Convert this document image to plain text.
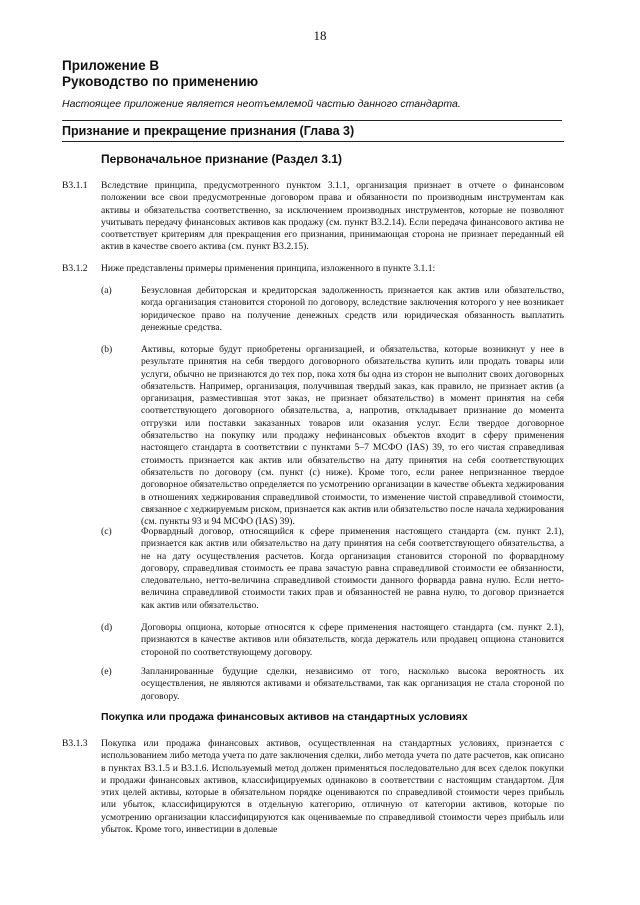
18
Приложение В
Руководство по применению
Настоящее приложение является неотъемлемой частью данного стандарта.
Признание и прекращение признания (Глава 3)
Первоначальное признание (Раздел 3.1)
В3.1.1 Вследствие принципа, предусмотренного пунктом 3.1.1, организация признает в отчете о финансовом положении все свои предусмотренные договором права и обязанности по производным инструментам как активы и обязательства соответственно, за исключением производных инструментов, которые не позволяют учитывать передачу финансовых активов как продажу (см. пункт В3.2.14). Если передача финансового актива не соответствует критериям для прекращения его признания, принимающая сторона не признает переданный ей актив в качестве своего актива (см. пункт В3.2.15).
В3.1.2 Ниже представлены примеры применения принципа, изложенного в пункте 3.1.1:
(а)	Безусловная дебиторская и кредиторская задолженность признается как актив или обязательство, когда организация становится стороной по договору, вследствие заключения которого у нее возникает юридическое право на получение денежных средств или юридическая обязанность выплатить денежные средства.
(b)	Активы, которые будут приобретены организацией, и обязательства, которые возникнут у нее в результате принятия на себя твердого договорного обязательства купить или продать товары или услуги, обычно не признаются до тех пор, пока хотя бы одна из сторон не выполнит своих договорных обязательств. Например, организация, получившая твердый заказ, как правило, не признает актив (а организация, разместившая этот заказ, не признает обязательство) в момент принятия на себя соответствующего договорного обязательства, а, напротив, откладывает признание до момента отгрузки или поставки заказанных товаров или оказания услуг. Если твердое договорное обязательство на покупку или продажу нефинансовых объектов входит в сферу применения настоящего стандарта в соответствии с пунктами 5–7 МСФО (IAS) 39, то его чистая справедливая стоимость признается как актив или обязательство на дату принятия на себя соответствующих обязательств по договору (см. пункт (с) ниже). Кроме того, если ранее непризнанное твердое договорное обязательство определяется по усмотрению организации в качестве объекта хеджирования в отношениях хеджирования справедливой стоимости, то изменение чистой справедливой стоимости, связанное с хеджируемым риском, признается как актив или обязательство после начала хеджирования (см. пункты 93 и 94 МСФО (IAS) 39).
(с)	Форвардный договор, относящийся к сфере применения настоящего стандарта (см. пункт 2.1), признается как актив или обязательство на дату принятия на себя соответствующего обязательства, а не на дату осуществления расчетов. Когда организация становится стороной по форвардному договору, справедливая стоимость ее права зачастую равна справедливой стоимости ее обязанности, следовательно, нетто-величина справедливой стоимости данного форварда равна нулю. Если нетто-величина справедливой стоимости таких прав и обязанностей не равна нулю, то договор признается как актив или обязательство.
(d)	Договоры опциона, которые относятся к сфере применения настоящего стандарта (см. пункт 2.1), признаются в качестве активов или обязательств, когда держатель или продавец опциона становится стороной по соответствующему договору.
(е)	Запланированные будущие сделки, независимо от того, насколько высока вероятность их осуществления, не являются активами и обязательствами, так как организация не стала стороной по договору.
Покупка или продажа финансовых активов на стандартных условиях
В3.1.3 Покупка или продажа финансовых активов, осуществленная на стандартных условиях, признается с использованием либо метода учета по дате заключения сделки, либо метода учета по дате расчетов, как описано в пунктах В3.1.5 и В3.1.6. Используемый метод должен применяться последовательно для всех сделок покупки и продажи финансовых активов, классифицируемых одинаково в соответствии с настоящим стандартом. Для этих целей активы, которые в обязательном порядке оцениваются по справедливой стоимости через прибыль или убыток, классифицируются в отдельную категорию, отличную от категории активов, которые по усмотрению организации классифицируются как оцениваемые по справедливой стоимости через прибыль или убыток. Кроме того, инвестиции в долевые
